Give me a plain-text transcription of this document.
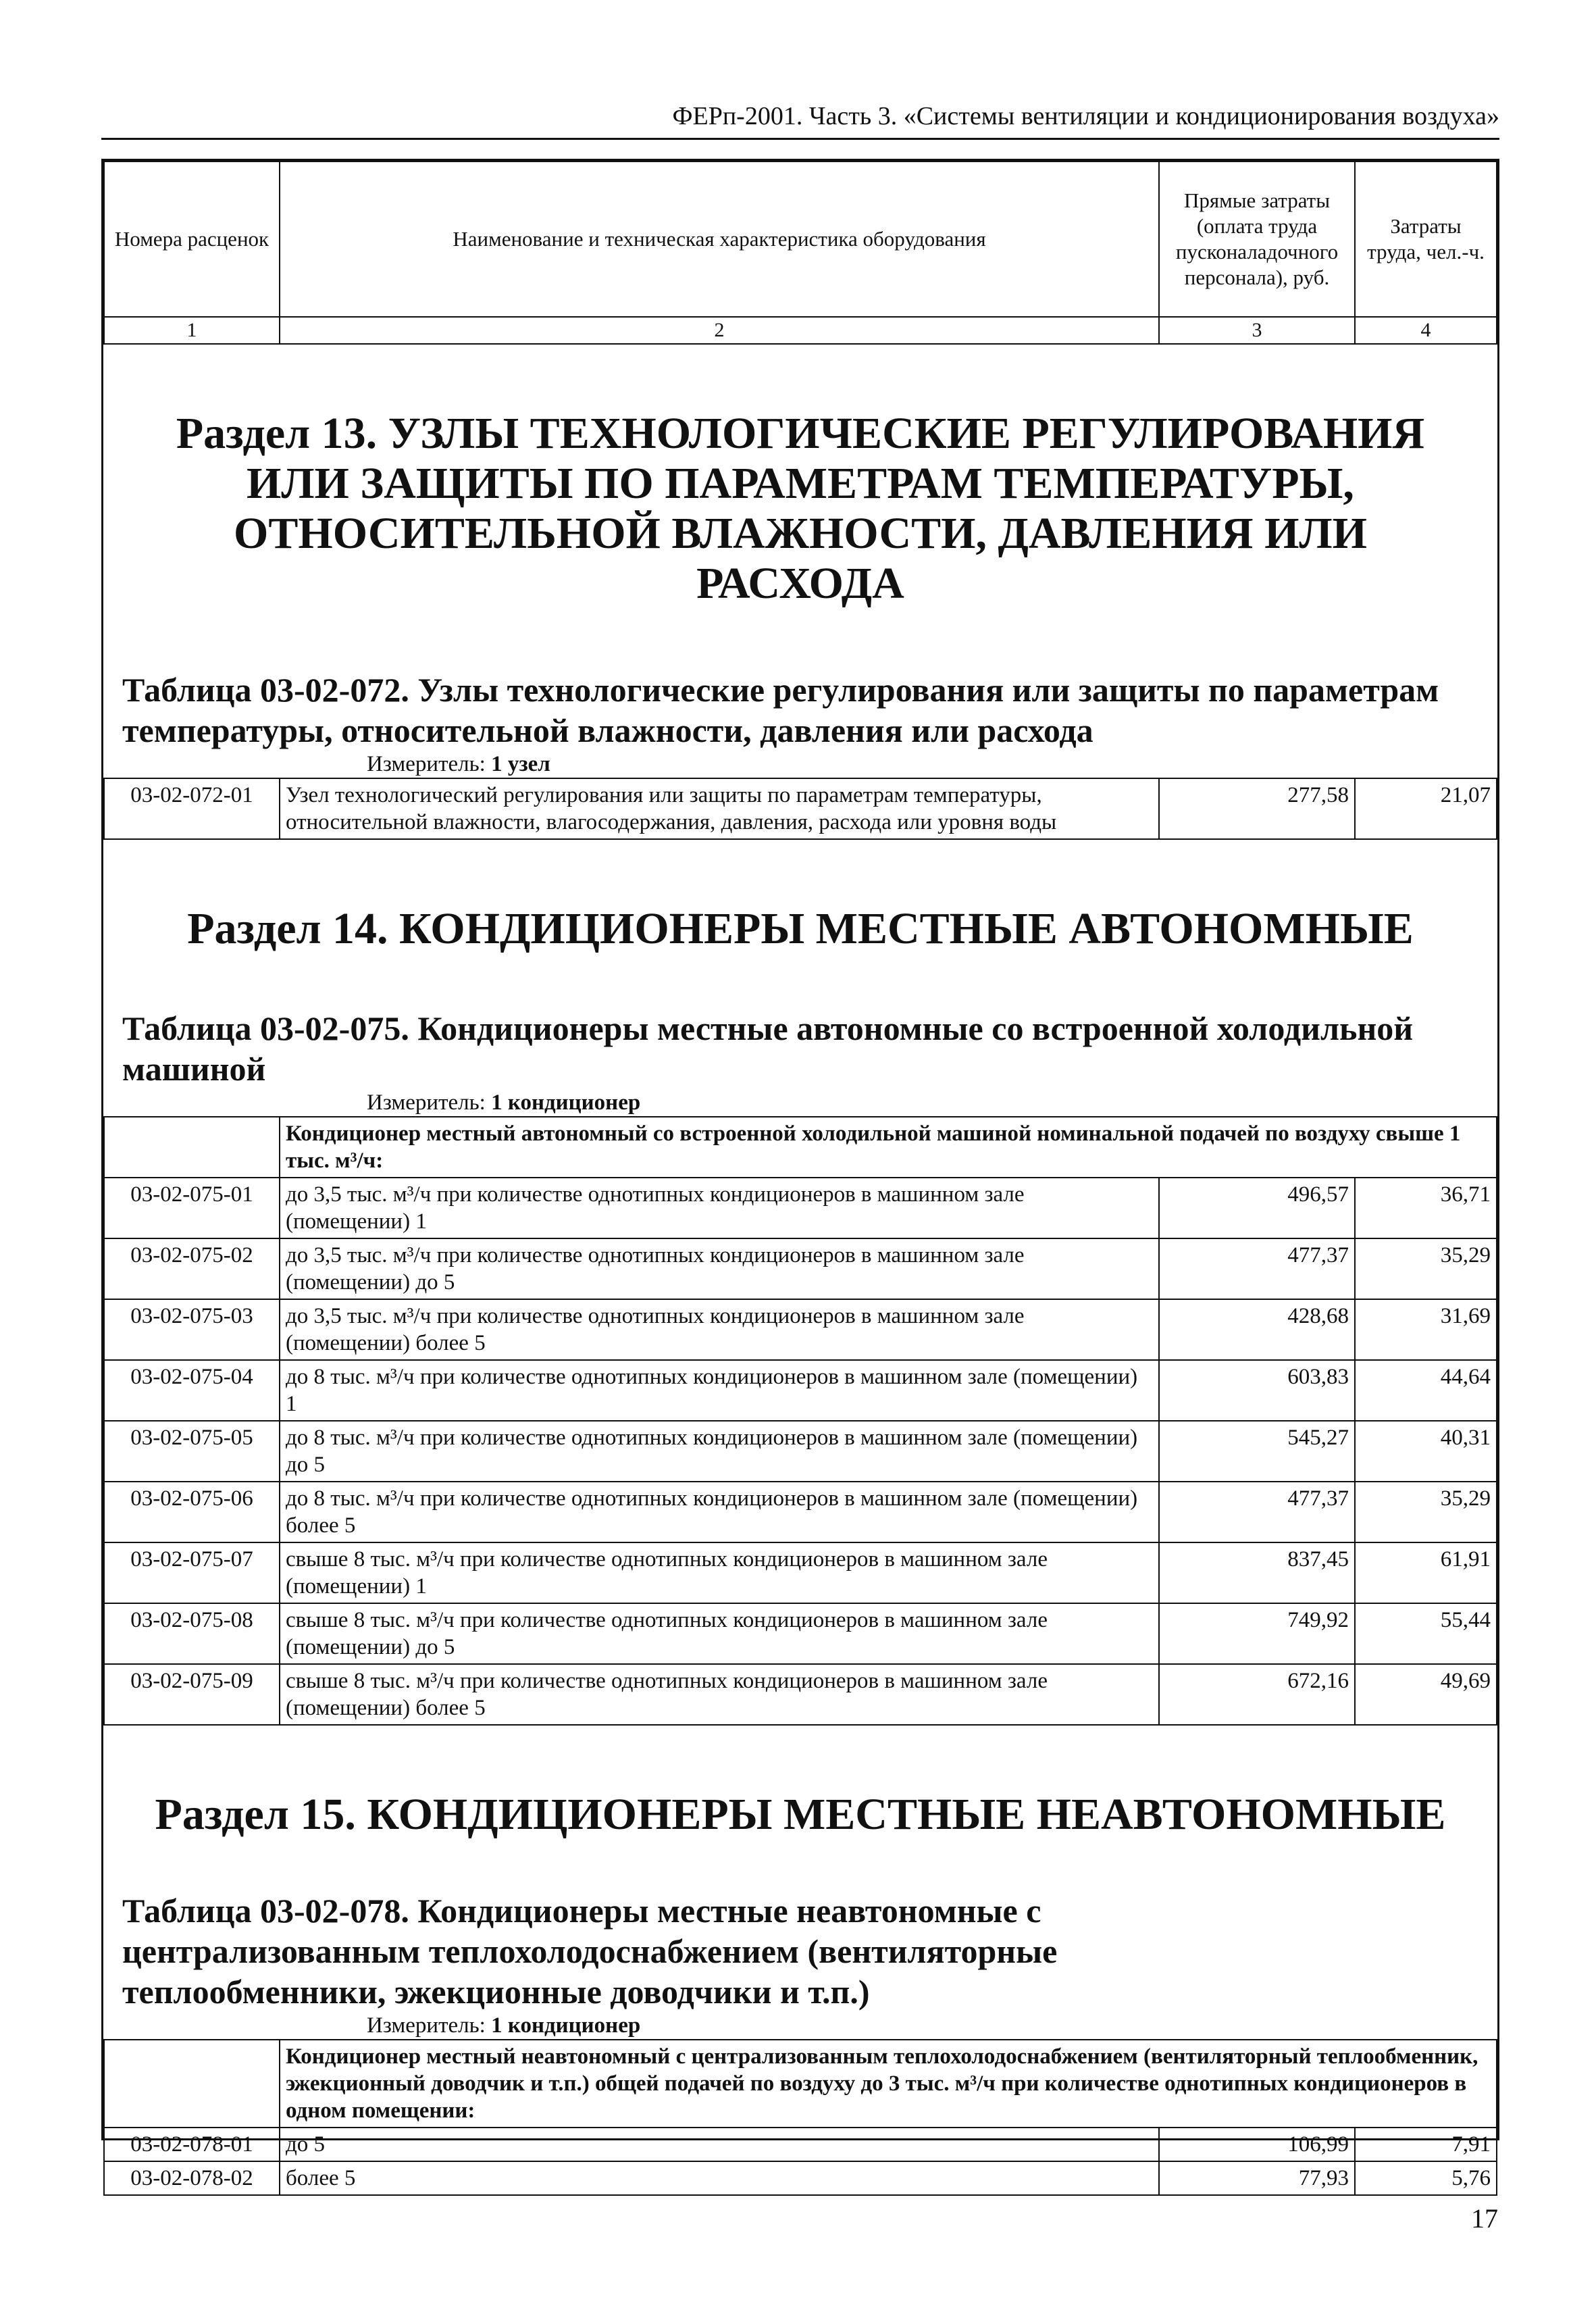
ФЕРп-2001. Часть 3. «Системы вентиляции и кондиционирования воздуха»
Номера расценок	Наименование и техническая характеристика оборудования	Прямые затраты (оплата труда пусконаладочного персонала), руб.	Затраты труда, чел.-ч.
1	2	3	4
Раздел 13. УЗЛЫ ТЕХНОЛОГИЧЕСКИЕ РЕГУЛИРОВАНИЯ ИЛИ ЗАЩИТЫ ПО ПАРАМЕТРАМ ТЕМПЕРАТУРЫ, ОТНОСИТЕЛЬНОЙ ВЛАЖНОСТИ, ДАВЛЕНИЯ ИЛИ РАСХОДА
Таблица 03-02-072. Узлы технологические регулирования или защиты по параметрам температуры, относительной влажности, давления или расхода
Измеритель: 1 узел
03-02-072-01	Узел технологический регулирования или защиты по параметрам температуры, относительной влажности, влагосодержания, давления, расхода или уровня воды	277,58	21,07
Раздел 14. КОНДИЦИОНЕРЫ МЕСТНЫЕ АВТОНОМНЫЕ
Таблица 03-02-075. Кондиционеры местные автономные со встроенной холодильной машиной
Измеритель: 1 кондиционер
	Кондиционер местный автономный со встроенной холодильной машиной номинальной подачей по воздуху свыше 1 тыс. м³/ч:		
03-02-075-01	до 3,5 тыс. м³/ч при количестве однотипных кондиционеров в машинном зале (помещении) 1	496,57	36,71
03-02-075-02	до 3,5 тыс. м³/ч при количестве однотипных кондиционеров в машинном зале (помещении) до 5	477,37	35,29
03-02-075-03	до 3,5 тыс. м³/ч при количестве однотипных кондиционеров в машинном зале (помещении) более 5	428,68	31,69
03-02-075-04	до 8 тыс. м³/ч при количестве однотипных кондиционеров в машинном зале (помещении) 1	603,83	44,64
03-02-075-05	до 8 тыс. м³/ч при количестве однотипных кондиционеров в машинном зале (помещении) до 5	545,27	40,31
03-02-075-06	до 8 тыс. м³/ч при количестве однотипных кондиционеров в машинном зале (помещении) более 5	477,37	35,29
03-02-075-07	свыше 8 тыс. м³/ч при количестве однотипных кондиционеров в машинном зале (помещении) 1	837,45	61,91
03-02-075-08	свыше 8 тыс. м³/ч при количестве однотипных кондиционеров в машинном зале (помещении) до 5	749,92	55,44
03-02-075-09	свыше 8 тыс. м³/ч при количестве однотипных кондиционеров в машинном зале (помещении) более 5	672,16	49,69
Раздел 15. КОНДИЦИОНЕРЫ МЕСТНЫЕ НЕАВТОНОМНЫЕ
Таблица 03-02-078. Кондиционеры местные неавтономные с централизованным теплохолодоснабжением (вентиляторные теплообменники, эжекционные доводчики и т.п.)
Измеритель: 1 кондиционер
	Кондиционер местный неавтономный с централизованным теплохолодоснабжением (вентиляторный теплообменник, эжекционный доводчик и т.п.) общей подачей по воздуху до 3 тыс. м³/ч при количестве однотипных кондиционеров в одном помещении:		
03-02-078-01	до 5	106,99	7,91
03-02-078-02	более 5	77,93	5,76
17
